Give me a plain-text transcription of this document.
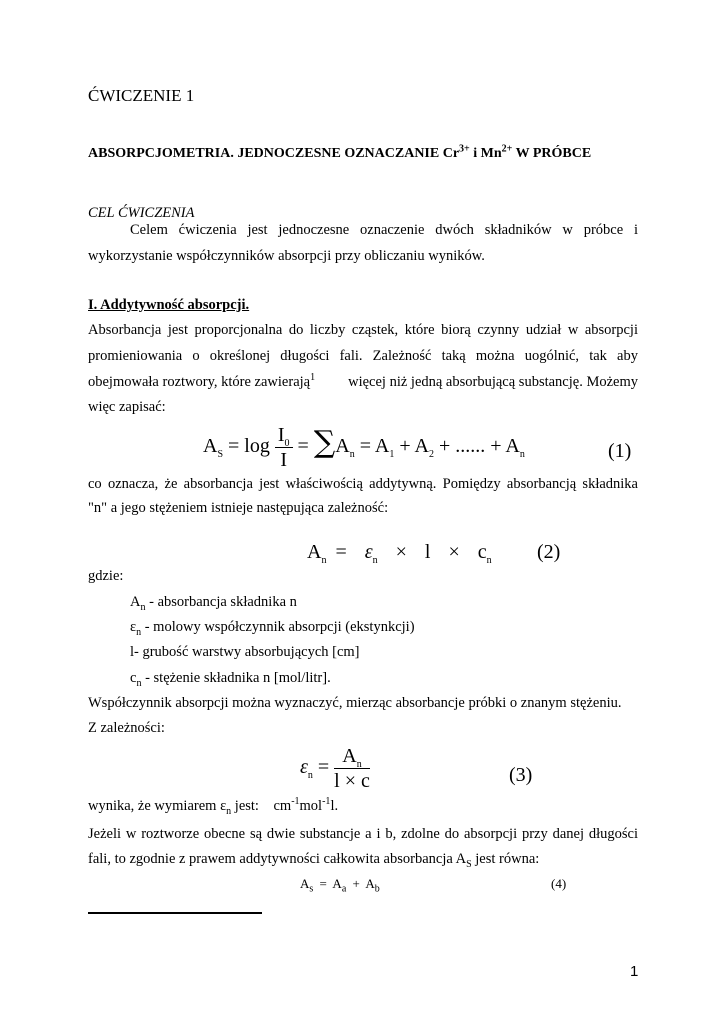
ĆWICZENIE 1
ABSORPCJOMETRIA. JEDNOCZESNE OZNACZANIE $Cr^{3+}$ i $Mn^{2+}$ W PRÓBCE
CEL ĆWICZENIA
Celem ćwiczenia jest jednoczesne oznaczenie dwóch składników w próbce i
wykorzystanie współczynników absorpcji przy obliczaniu wyników.
I. Addytywność absorpcji.
Absorbancja jest proporcjonalna do liczby cząstek, które biorą czynny udział w absorpcji
promieniowania o określonej długości fali. Zależność taką można uogólnić, tak aby
obejmowała roztwory, które zawierają$^1$ więcej niż jedną absorbującą substancję. Możemy
więc zapisać:
$A_S = \log \frac{I_0}{I} = \sum A_n = A_1 + A_2$ + ...... + $A_n$	(1)
co oznacza, że absorbancja jest właściwością addytywną. Pomiędzy absorbancją składnika
"n" a jego stężeniem istnieje następująca zależność:
$A_n = \varepsilon_n \times l \times c_n$ (2)
gdzie:
$A_n$ - absorbancja składnika n
$\varepsilon_n$ - molowy współczynnik absorpcji (ekstynkcji)
l- grubość warstwy absorbujących [cm]
$c_n$ - stężenie składnika n [mol/litr].
Współczynnik absorpcji można wyznaczyć, mierząc absorbancje próbki o znanym stężeniu.
Z zależności:
$\varepsilon_n = \frac{A_n}{l \times c}$	(3)
wynika, że wymiarem $\varepsilon_n$ jest:    $cm^{-1}mol^{-1}l$.
Jeżeli w roztworze obecne są dwie substancje a i b, zdolne do absorpcji przy danej długości
fali, to zgodnie z prawem addytywności całkowita absorbancja $A_S$ jest równa:
$A_s = A_a + A_b$	(4)
1
